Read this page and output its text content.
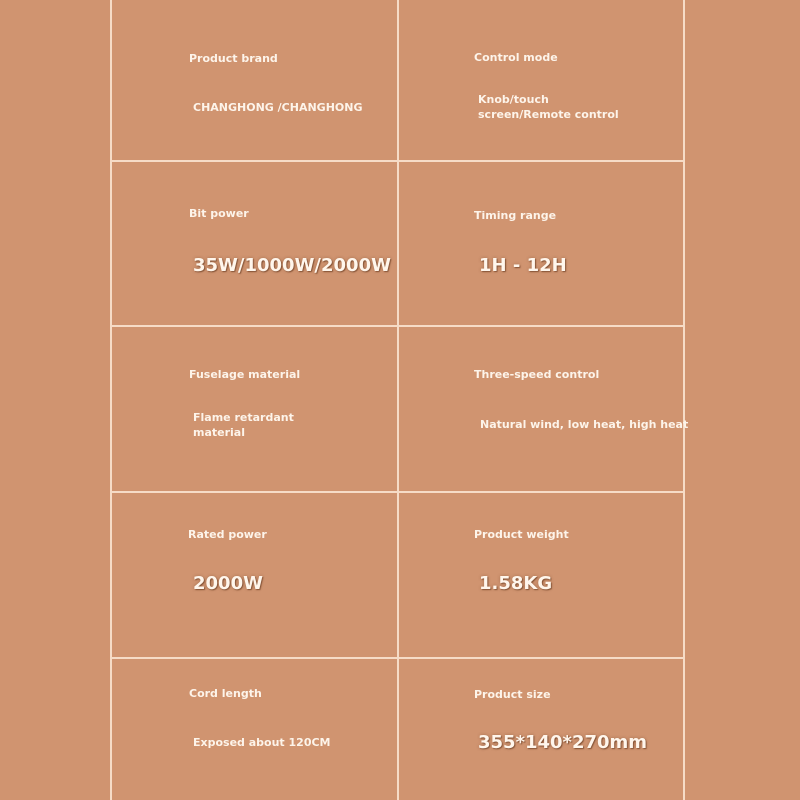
Product brand
CHANGHONG /CHANGHONG
Control mode
Knob/touch screen/Remote control
Bit power
35W/1000W/2000W
Timing range
1H - 12H
Fuselage material
Flame retardant material
Three-speed control
Natural wind, low heat, high heat
Rated power
2000W
Product weight
1.58KG
Cord length
Exposed about 120CM
Product size
355*140*270mm
